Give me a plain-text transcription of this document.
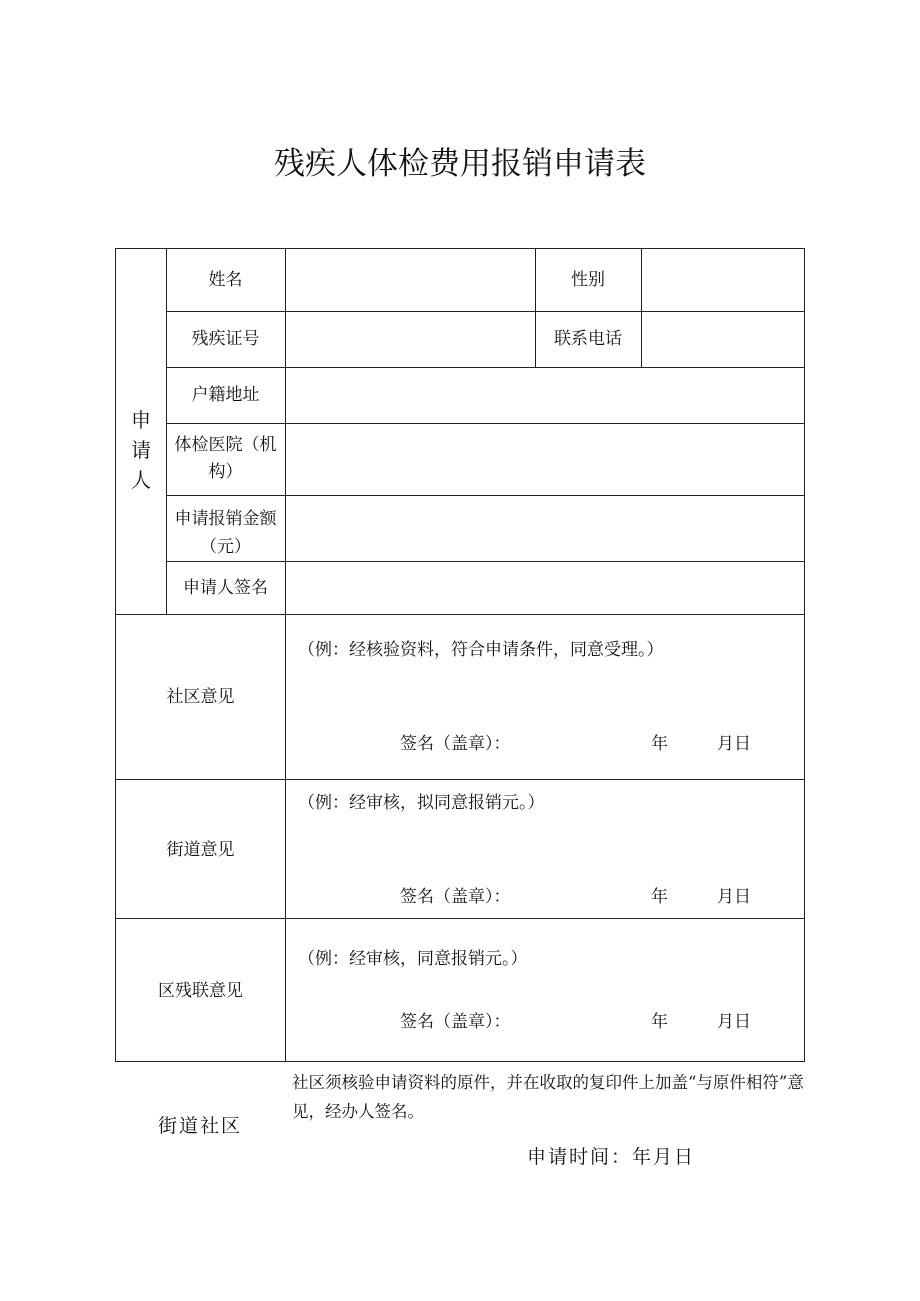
残疾人体检费用报销申请表
申请人
姓名	性别
残疾证号	联系电话
户籍地址
体检医院（机
构）
申请报销金额
（元）
申请人签名
社区意见
（例：经核验资料，符合申请条件，同意受理。）
签名（盖章）：	年	月日
街道意见
（例：经审核，拟同意报销元。）
签名（盖章）：	年	月日
区残联意见
（例：经审核，同意报销元。）
签名（盖章）：	年	月日
街道社区
社区须核验申请资料的原件，并在收取的复印件上加盖“与原件相符”意见，经办人签名。
申请时间：年月日
